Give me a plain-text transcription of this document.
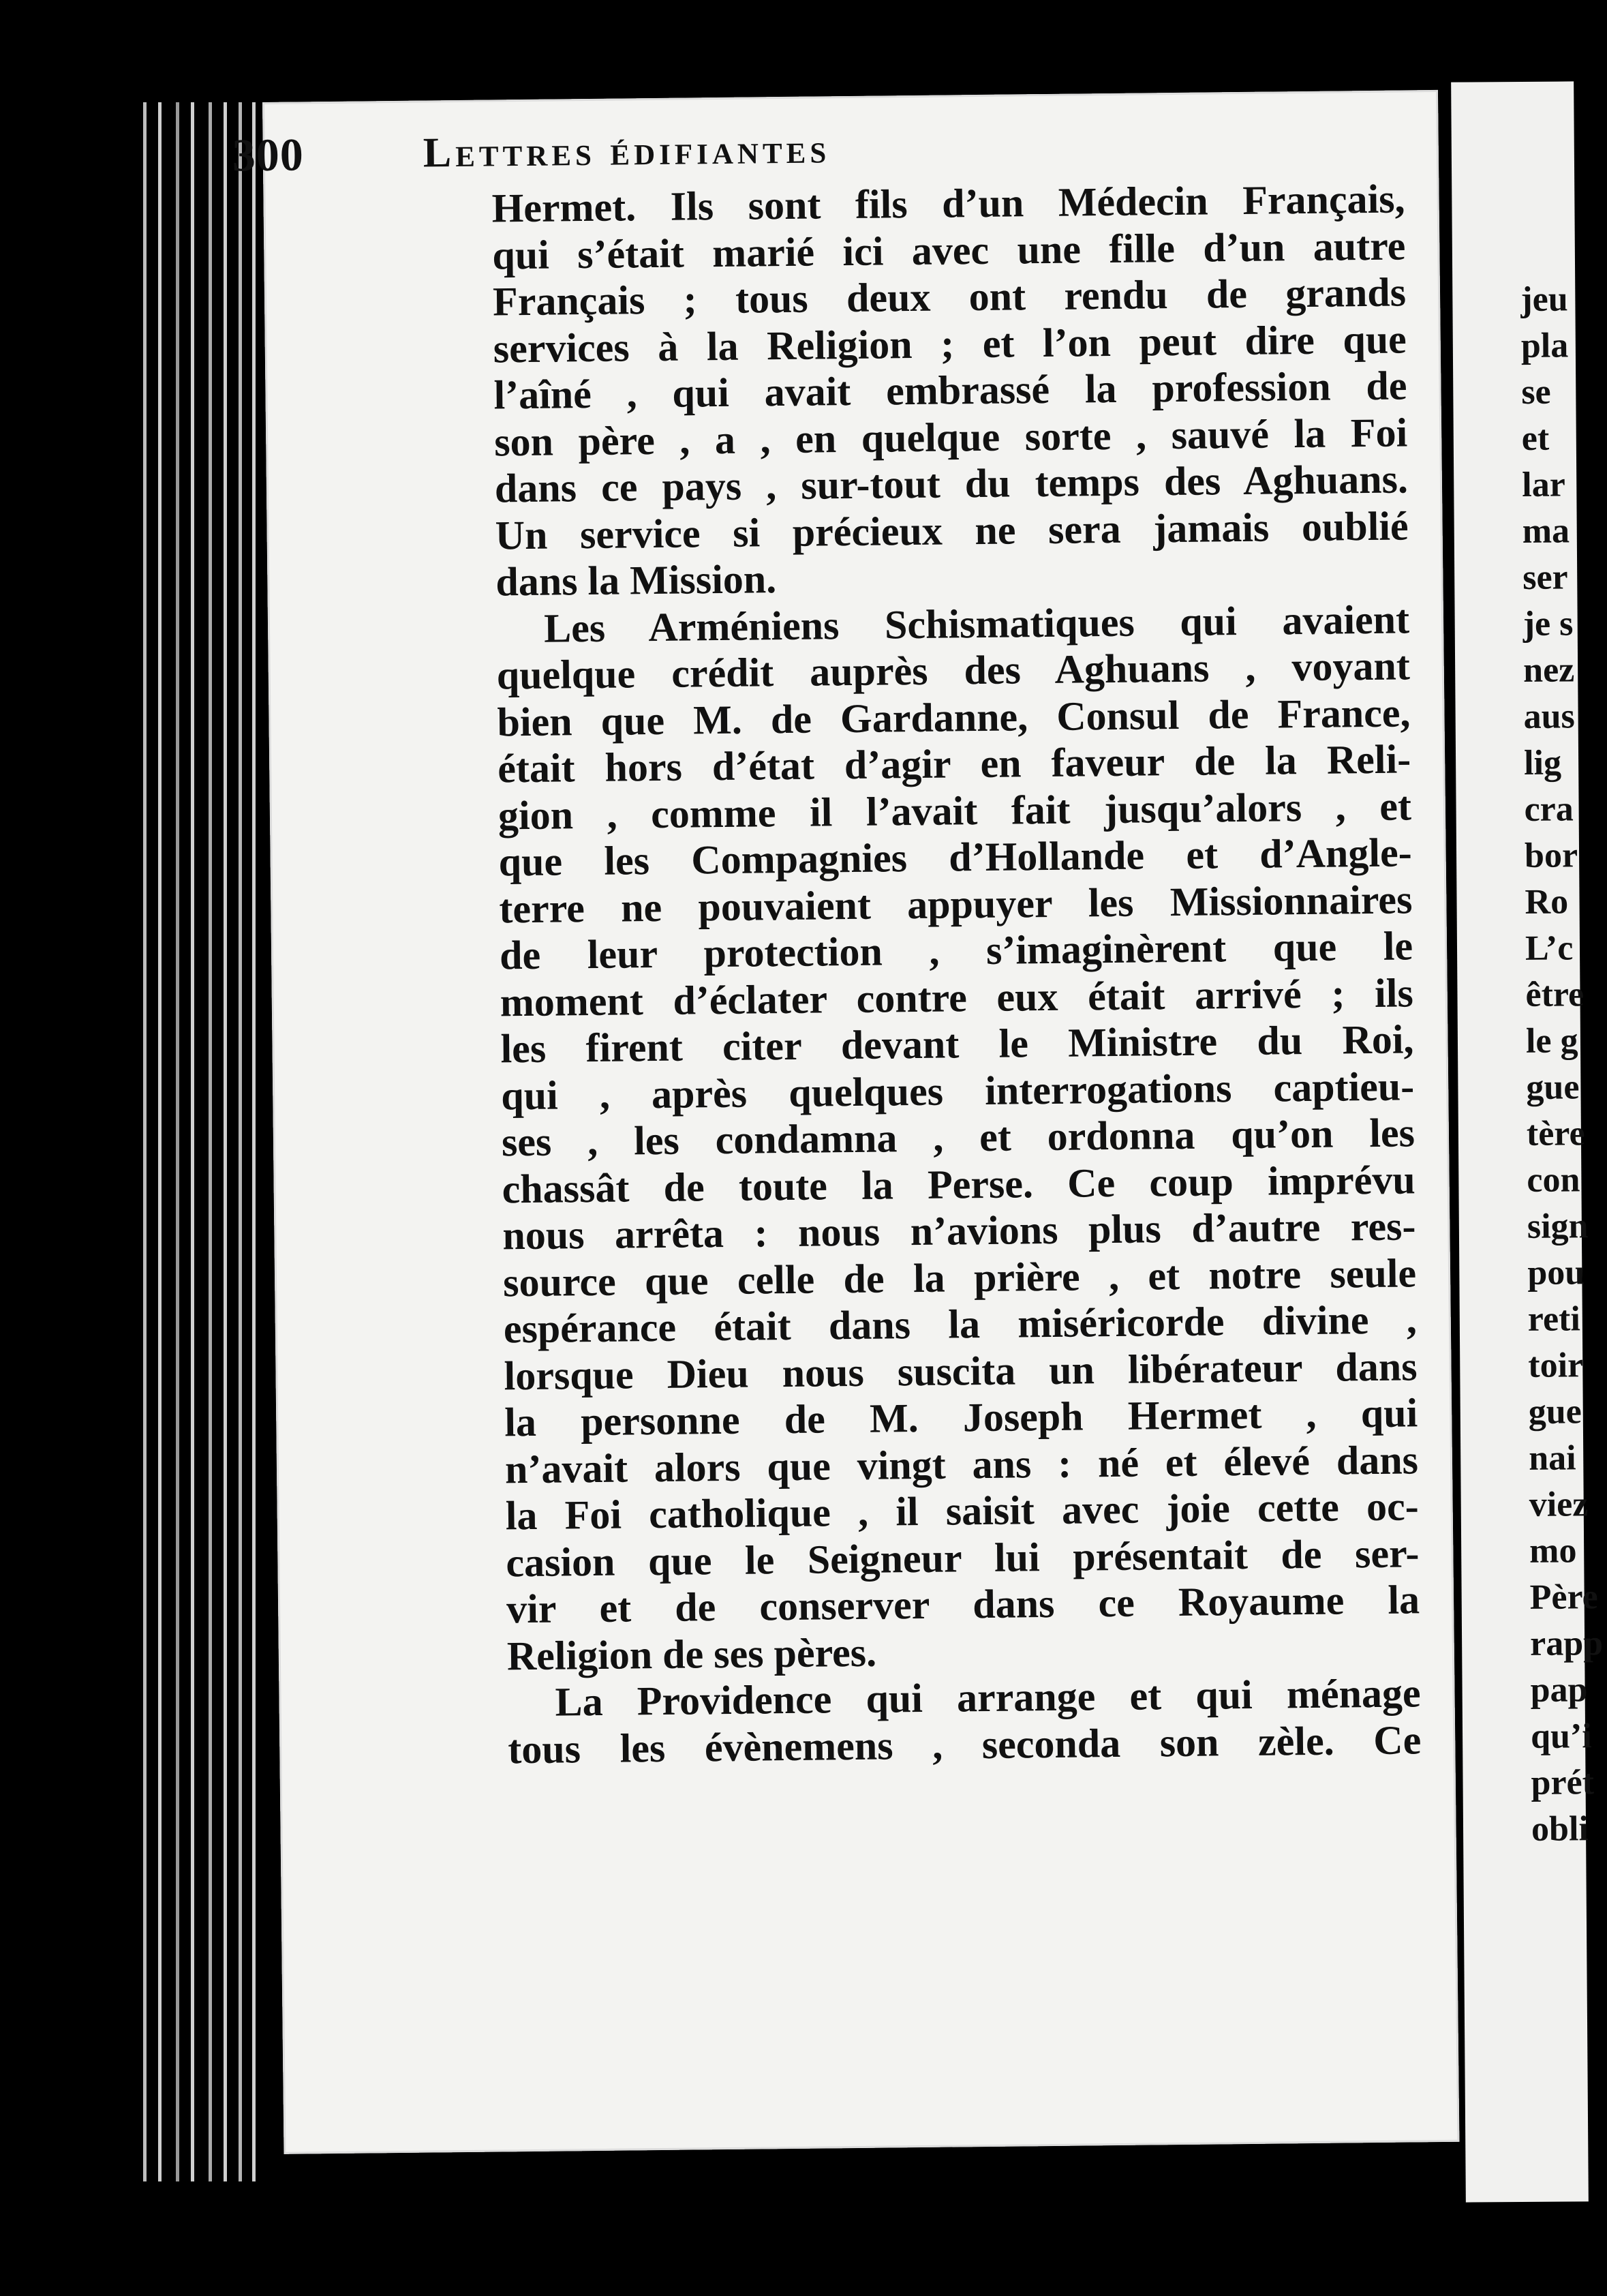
300	Lettres édifiantes
Hermet. Ils sont fils d’un Médecin Français,
qui s’était marié ici avec une fille d’un autre
Français ; tous deux ont rendu de grands
services à la Religion ; et l’on peut dire que
l’aîné , qui avait embrassé la profession de
son père , a , en quelque sorte , sauvé la Foi
dans ce pays , sur-tout du temps des Aghuans.
Un service si précieux ne sera jamais oublié
dans la Mission.
Les Arméniens Schismatiques qui avaient
quelque crédit auprès des Aghuans , voyant
bien que M. de Gardanne, Consul de France,
était hors d’état d’agir en faveur de la Reli-
gion , comme il l’avait fait jusqu’alors , et
que les Compagnies d’Hollande et d’Angle-
terre ne pouvaient appuyer les Missionnaires
de leur protection , s’imaginèrent que le
moment d’éclater contre eux était arrivé ; ils
les firent citer devant le Ministre du Roi,
qui , après quelques interrogations captieu-
ses , les condamna , et ordonna qu’on les
chassât de toute la Perse. Ce coup imprévu
nous arrêta : nous n’avions plus d’autre res-
source que celle de la prière , et notre seule
espérance était dans la miséricorde divine ,
lorsque Dieu nous suscita un libérateur dans
la personne de M. Joseph Hermet , qui
n’avait alors que vingt ans : né et élevé dans
la Foi catholique , il saisit avec joie cette oc-
casion que le Seigneur lui présentait de ser-
vir et de conserver dans ce Royaume la
Religion de ses pères.
La Providence qui arrange et qui ménage
tous les évènemens , seconda son zèle. Ce
jeu
pla
se
et
lar
ma
ser
je s
nez
aus
lig
cra
bor
Ro
L’c
être
le g
gue
tère
con
sign
pou
reti
toir
gue
nai
viez
mo
Père
rapp
pap
qu’i
prét
obli
